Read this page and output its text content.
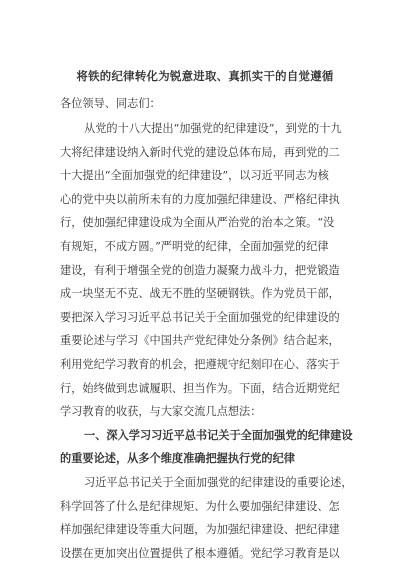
将铁的纪律转化为锐意进取、真抓实干的自觉遵循
各位领导、同志们：
从党的十八大提出“加强党的纪律建设”，到党的十九
大将纪律建设纳入新时代党的建设总体布局，再到党的二
十大提出“全面加强党的纪律建设”，以习近平同志为核
心的党中央以前所未有的力度加强纪律建设、严格纪律执
行，使加强纪律建设成为全面从严治党的治本之策。“没
有规矩，不成方圆。”严明党的纪律，全面加强党的纪律
建设，有利于增强全党的创造力凝聚力战斗力，把党锻造
成一块坚无不克、战无不胜的坚硬钢铁。作为党员干部，
要把深入学习习近平总书记关于全面加强党的纪律建设的
重要论述与学习《中国共产党纪律处分条例》结合起来，
利用党纪学习教育的机会，把遵规守纪刻印在心、落实于
行，始终做到忠诚履职、担当作为。下面，结合近期党纪
学习教育的收获，与大家交流几点想法：
一、深入学习习近平总书记关于全面加强党的纪律建设
的重要论述，从多个维度准确把握执行党的纪律
习近平总书记关于全面加强党的纪律建设的重要论述，
科学回答了什么是纪律规矩、为什么要加强纪律建设、怎
样加强纪律建设等重大问题，为加强纪律建设、把纪律建
设摆在更加突出位置提供了根本遵循。党纪学习教育是以
